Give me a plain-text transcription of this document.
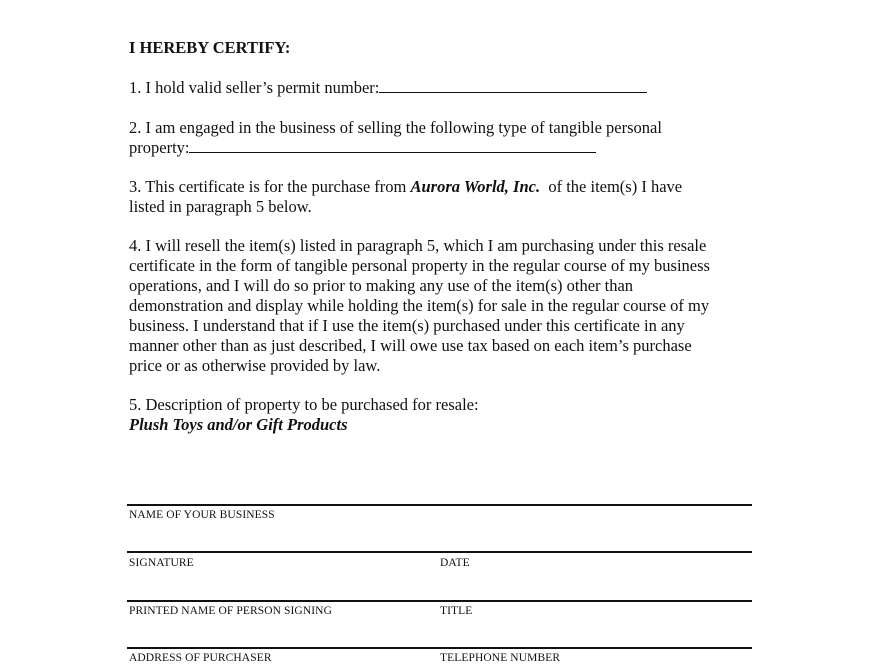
I HEREBY CERTIFY:
1. I hold valid seller’s permit number:
2. I am engaged in the business of selling the following type of tangible personal
property:
3. This certificate is for the purchase from Aurora World, Inc.  of the item(s) I have
listed in paragraph 5 below.
4. I will resell the item(s) listed in paragraph 5, which I am purchasing under this resale
certificate in the form of tangible personal property in the regular course of my business
operations, and I will do so prior to making any use of the item(s) other than
demonstration and display while holding the item(s) for sale in the regular course of my
business. I understand that if I use the item(s) purchased under this certificate in any
manner other than as just described, I will owe use tax based on each item’s purchase
price or as otherwise provided by law.
5. Description of property to be purchased for resale:
Plush Toys and/or Gift Products
NAME OF YOUR BUSINESS
SIGNATURE	DATE
PRINTED NAME OF PERSON SIGNING	TITLE
ADDRESS OF PURCHASER	TELEPHONE NUMBER
